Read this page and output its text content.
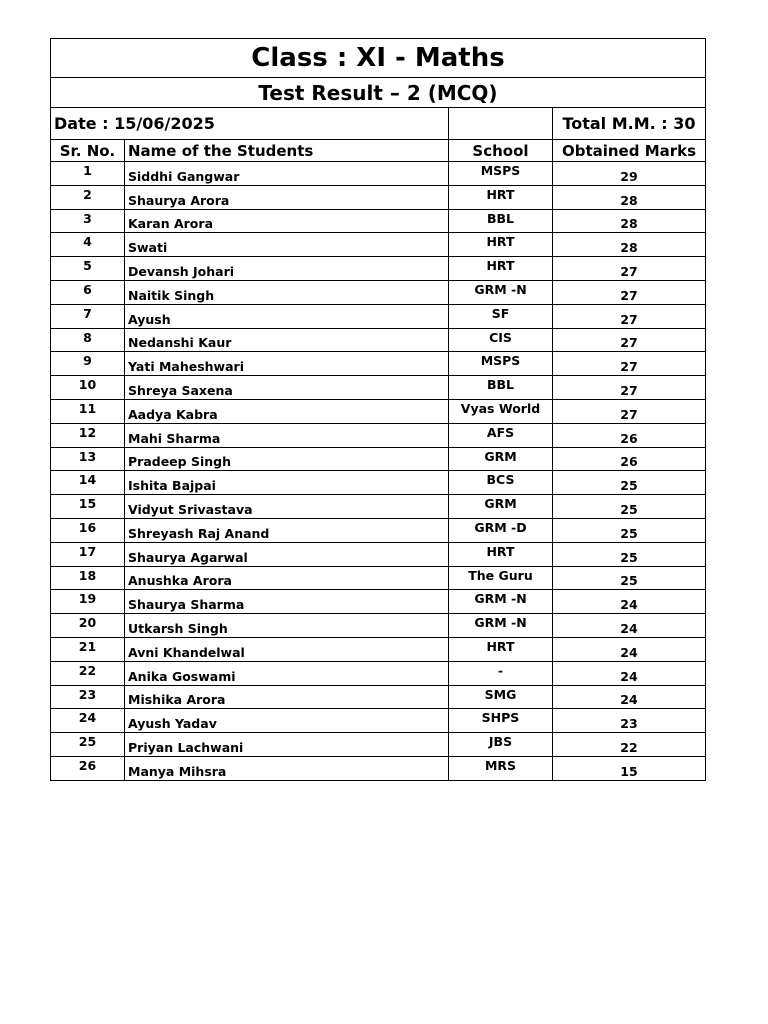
Class : XI - Maths			
Test Result – 2 (MCQ)			
Date : 15/06/2025			Total M.M. : 30
Sr. No.	Name of the Students	School	Obtained Marks
1	Siddhi Gangwar	MSPS	29
2	Shaurya Arora	HRT	28
3	Karan Arora	BBL	28
4	Swati	HRT	28
5	Devansh Johari	HRT	27
6	Naitik Singh	GRM -N	27
7	Ayush	SF	27
8	Nedanshi Kaur	CIS	27
9	Yati Maheshwari	MSPS	27
10	Shreya Saxena	BBL	27
11	Aadya Kabra	Vyas World	27
12	Mahi Sharma	AFS	26
13	Pradeep Singh	GRM	26
14	Ishita Bajpai	BCS	25
15	Vidyut Srivastava	GRM	25
16	Shreyash Raj Anand	GRM -D	25
17	Shaurya Agarwal	HRT	25
18	Anushka Arora	The Guru	25
19	Shaurya Sharma	GRM -N	24
20	Utkarsh Singh	GRM -N	24
21	Avni Khandelwal	HRT	24
22	Anika Goswami	-	24
23	Mishika Arora	SMG	24
24	Ayush Yadav	SHPS	23
25	Priyan Lachwani	JBS	22
26	Manya Mihsra	MRS	15
